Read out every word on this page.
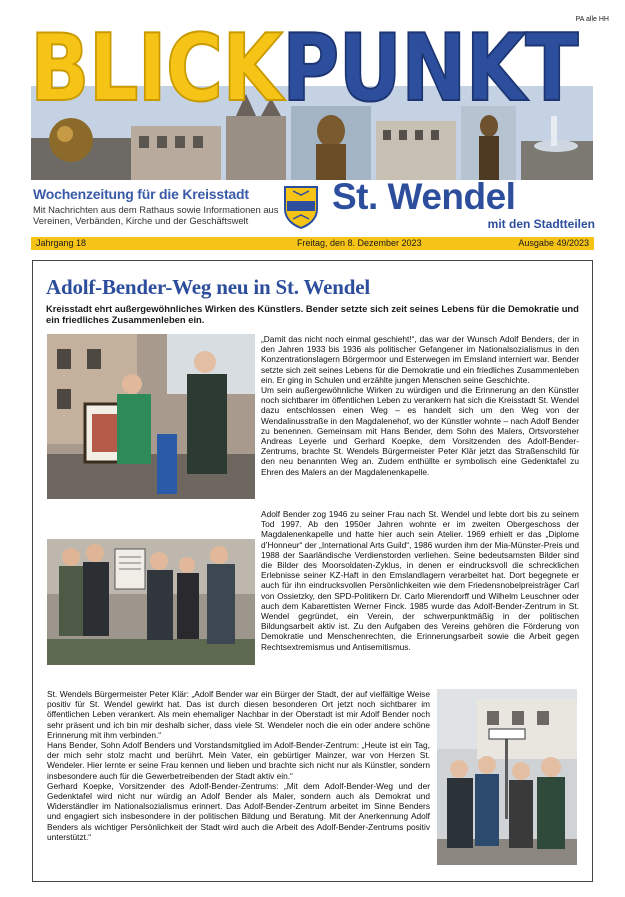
PA alle HH
BLICKPUNKT
Wochenzeitung für die Kreisstadt
Mit Nachrichten aus dem Rathaus sowie Informationen aus Vereinen, Verbänden, Kirche und der Geschäftswelt
St. Wendel
mit den Stadtteilen
Jahrgang 18	Freitag, den 8. Dezember 2023	Ausgabe 49/2023
Adolf-Bender-Weg neu in St. Wendel
Kreisstadt ehrt außergewöhnliches Wirken des Künstlers. Bender setzte sich zeit seines Lebens für die Demokratie und ein friedliches Zusammenleben ein.

„Damit das nicht noch einmal geschieht!“, das war der Wunsch Adolf Benders, der in den Jahren 1933 bis 1936 als politischer Gefangener im Nationalsozialismus in den Konzentrationslagern Börgermoor und Esterwegen im Emsland interniert war. Bender setzte sich zeit seines Lebens für die Demokratie und ein friedliches Zusammenleben ein. Er ging in Schulen und erzählte jungen Menschen seine Geschichte.

Um sein außergewöhnliche Wirken zu würdigen und die Erinnerung an den Künstler noch sichtbarer im öffentlichen Leben zu verankern hat sich die Kreisstadt St. Wendel dazu entschlossen einen Weg – es handelt sich um den Weg von der Wendalinusstraße in den Magdalenehof, wo der Künstler wohnte – nach Adolf Bender zu benennen. Gemeinsam mit Hans Bender, dem Sohn des Malers, Ortsvorsteher Andreas Leyerle und Gerhard Koepke, dem Vorsitzenden des Adolf-Bender-Zentrums, brachte St. Wendels Bürgermeister Peter Klär jetzt das Straßenschild für den neu benannten Weg an. Zudem enthüllte er symbolisch eine Gedenktafel zu Ehren des Malers an der Magdalenenkapelle.

Adolf Bender zog 1946 zu seiner Frau nach St. Wendel und lebte dort bis zu seinem Tod 1997. Ab den 1950er Jahren wohnte er im zweiten Obergeschoss der Magdalenenkapelle und hatte hier auch sein Atelier. 1969 erhielt er das „Diplome d’Honneur“ der „International Arts Guild“, 1986 wurden ihm der Mia-Münster-Preis und 1988 der Saarländische Verdienstorden verliehen. Seine bedeutsamsten Bilder sind die Bilder des Moorsoldaten-Zyklus, in denen er eindrucksvoll die schrecklichen Erlebnisse seiner KZ-Haft in den Emslandlagern verarbeitet hat. Dort begegnete er auch für ihn eindrucksvollen Persönlichkeiten wie dem Friedensnobelpreisträger Carl von Ossietzky, den SPD-Politikern Dr. Carlo Mierendorff und Wilhelm Leuschner oder auch dem Kabarettisten Werner Finck. 1985 wurde das Adolf-Bender-Zentrum in St. Wendel gegründet, ein Verein, der schwerpunktmäßig in der politischen Bildungsarbeit aktiv ist. Zu den Aufgaben des Vereins gehören die Förderung von Demokratie und Menschenrechten, die Erinnerungsarbeit sowie die Arbeit gegen Rechtsextremismus und Antisemitismus.

St. Wendels Bürgermeister Peter Klär: „Adolf Bender war ein Bürger der Stadt, der auf vielfältige Weise positiv für St. Wendel gewirkt hat. Das ist durch diesen besonderen Ort jetzt noch sichtbarer im öffentlichen Leben verankert. Als mein ehemaliger Nachbar in der Oberstadt ist mir Adolf Bender noch sehr präsent und ich bin mir deshalb sicher, dass viele St. Wendeler noch die ein oder andere schöne Erinnerung mit ihm verbinden.“

Hans Bender, Sohn Adolf Benders und Vorstandsmitglied im Adolf-Bender-Zentrum: „Heute ist ein Tag, der mich sehr stolz macht und berührt. Mein Vater, ein gebürtiger Mainzer, war von Herzen St. Wendeler. Hier lernte er seine Frau kennen und lieben und brachte sich nicht nur als Künstler, sondern insbesondere auch für die Gewerbetreibenden der Stadt aktiv ein.“

Gerhard Koepke, Vorsitzender des Adolf-Bender-Zentrums: „Mit dem Adolf-Bender-Weg und der Gedenktafel wird nicht nur würdig an Adolf Bender als Maler, sondern auch als Demokrat und Widerständler im Nationalsozialismus erinnert. Das Adolf-Bender-Zentrum arbeitet im Sinne Benders und engagiert sich insbesondere in der politischen Bildung und Beratung. Mit der Anerkennung Adolf Benders als wichtiger Persönlichkeit der Stadt wird auch die Arbeit des Adolf-Bender-Zentrums positiv unterstützt.“
